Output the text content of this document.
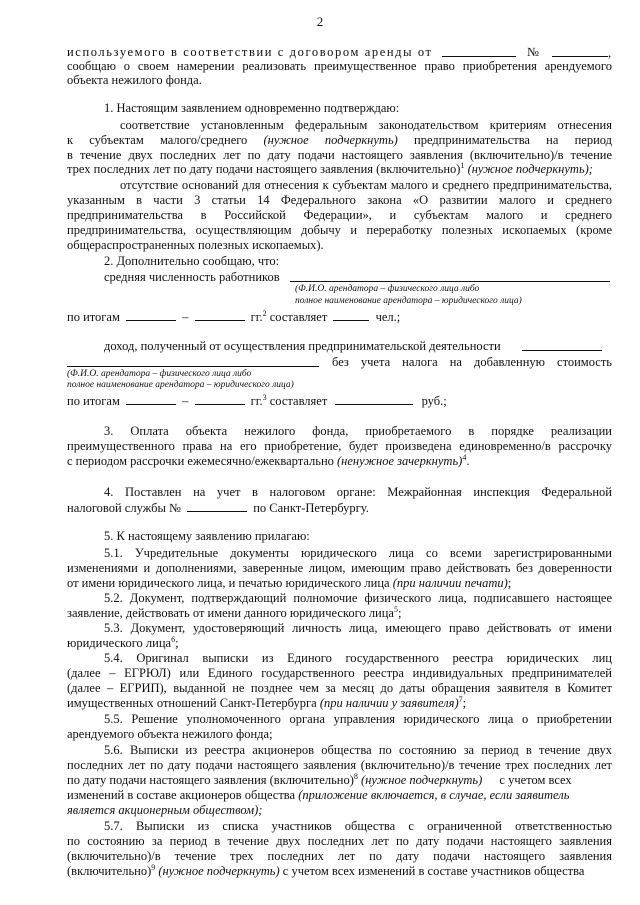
2
используемого в соответствии с договором аренды от	№	,
сообщаю о своем намерении реализовать преимущественное право приобретения арендуемого
объекта нежилого фонда.
1. Настоящим заявлением одновременно подтверждаю:
соответствие установленным федеральным законодательством критериям отнесения
к субъектам малого/среднего (нужное подчеркнуть) предпринимательства на период
в течение двух последних лет по дату подачи настоящего заявления (включительно)/в течение
трех последних лет по дату подачи настоящего заявления (включительно)$^1$ (нужное подчеркнуть);
отсутствие оснований для отнесения к субъектам малого и среднего предпринимательства,
указанным в части 3 статьи 14 Федерального закона «О развитии малого и среднего
предпринимательства в Российской Федерации», и субъектам малого и среднего
предпринимательства, осуществляющим добычу и переработку полезных ископаемых (кроме
общераспространенных полезных ископаемых).
2. Дополнительно сообщаю, что:
средняя численность работников
(Ф.И.О. арендатора – физического лица либо
полное наименование арендатора – юридического лица)
по итогам	–	гг.$^2$ составляет	чел.;
доход, полученный от осуществления предпринимательской деятельности
без учета налога на добавленную стоимость
(Ф.И.О. арендатора – физического лица либо
полное наименование арендатора – юридического лица)
по итогам	–	гг.$^3$ составляет	руб.;
3. Оплата объекта нежилого фонда, приобретаемого в порядке реализации
преимущественного права на его приобретение, будет произведена единовременно/в рассрочку
с периодом рассрочки ежемесячно/ежеквартально (ненужное зачеркнуть)$^4$.
4. Поставлен на учет в налоговом органе: Межрайонная инспекция Федеральной
налоговой службы №	по Санкт-Петербургу.
5. К настоящему заявлению прилагаю:
5.1. Учредительные документы юридического лица со всеми зарегистрированными
изменениями и дополнениями, заверенные лицом, имеющим право действовать без доверенности
от имени юридического лица, и печатью юридического лица (при наличии печати);
5.2. Документ, подтверждающий полномочие физического лица, подписавшего настоящее
заявление, действовать от имени данного юридического лица$^5$;
5.3. Документ, удостоверяющий личность лица, имеющего право действовать от имени
юридического лица$^6$;
5.4. Оригинал выписки из Единого государственного реестра юридических лиц
(далее – ЕГРЮЛ) или Единого государственного реестра индивидуальных предпринимателей
(далее – ЕГРИП), выданной не позднее чем за месяц до даты обращения заявителя в Комитет
имущественных отношений Санкт-Петербурга (при наличии у заявителя)$^7$;
5.5. Решение уполномоченного органа управления юридического лица о приобретении
арендуемого объекта нежилого фонда;
5.6. Выписки из реестра акционеров общества по состоянию за период в течение двух
последних лет по дату подачи настоящего заявления (включительно)/в течение трех последних лет
по дату подачи настоящего заявления (включительно)$^8$ (нужное подчеркнуть) с учетом всех
изменений в составе акционеров общества (приложение включается, в случае, если заявитель
является акционерным обществом);
5.7. Выписки из списка участников общества с ограниченной ответственностью
по состоянию за период в течение двух последних лет по дату подачи настоящего заявления
(включительно)/в течение трех последних лет по дату подачи настоящего заявления
(включительно)$^9$ (нужное подчеркнуть) с учетом всех изменений в составе участников общества
